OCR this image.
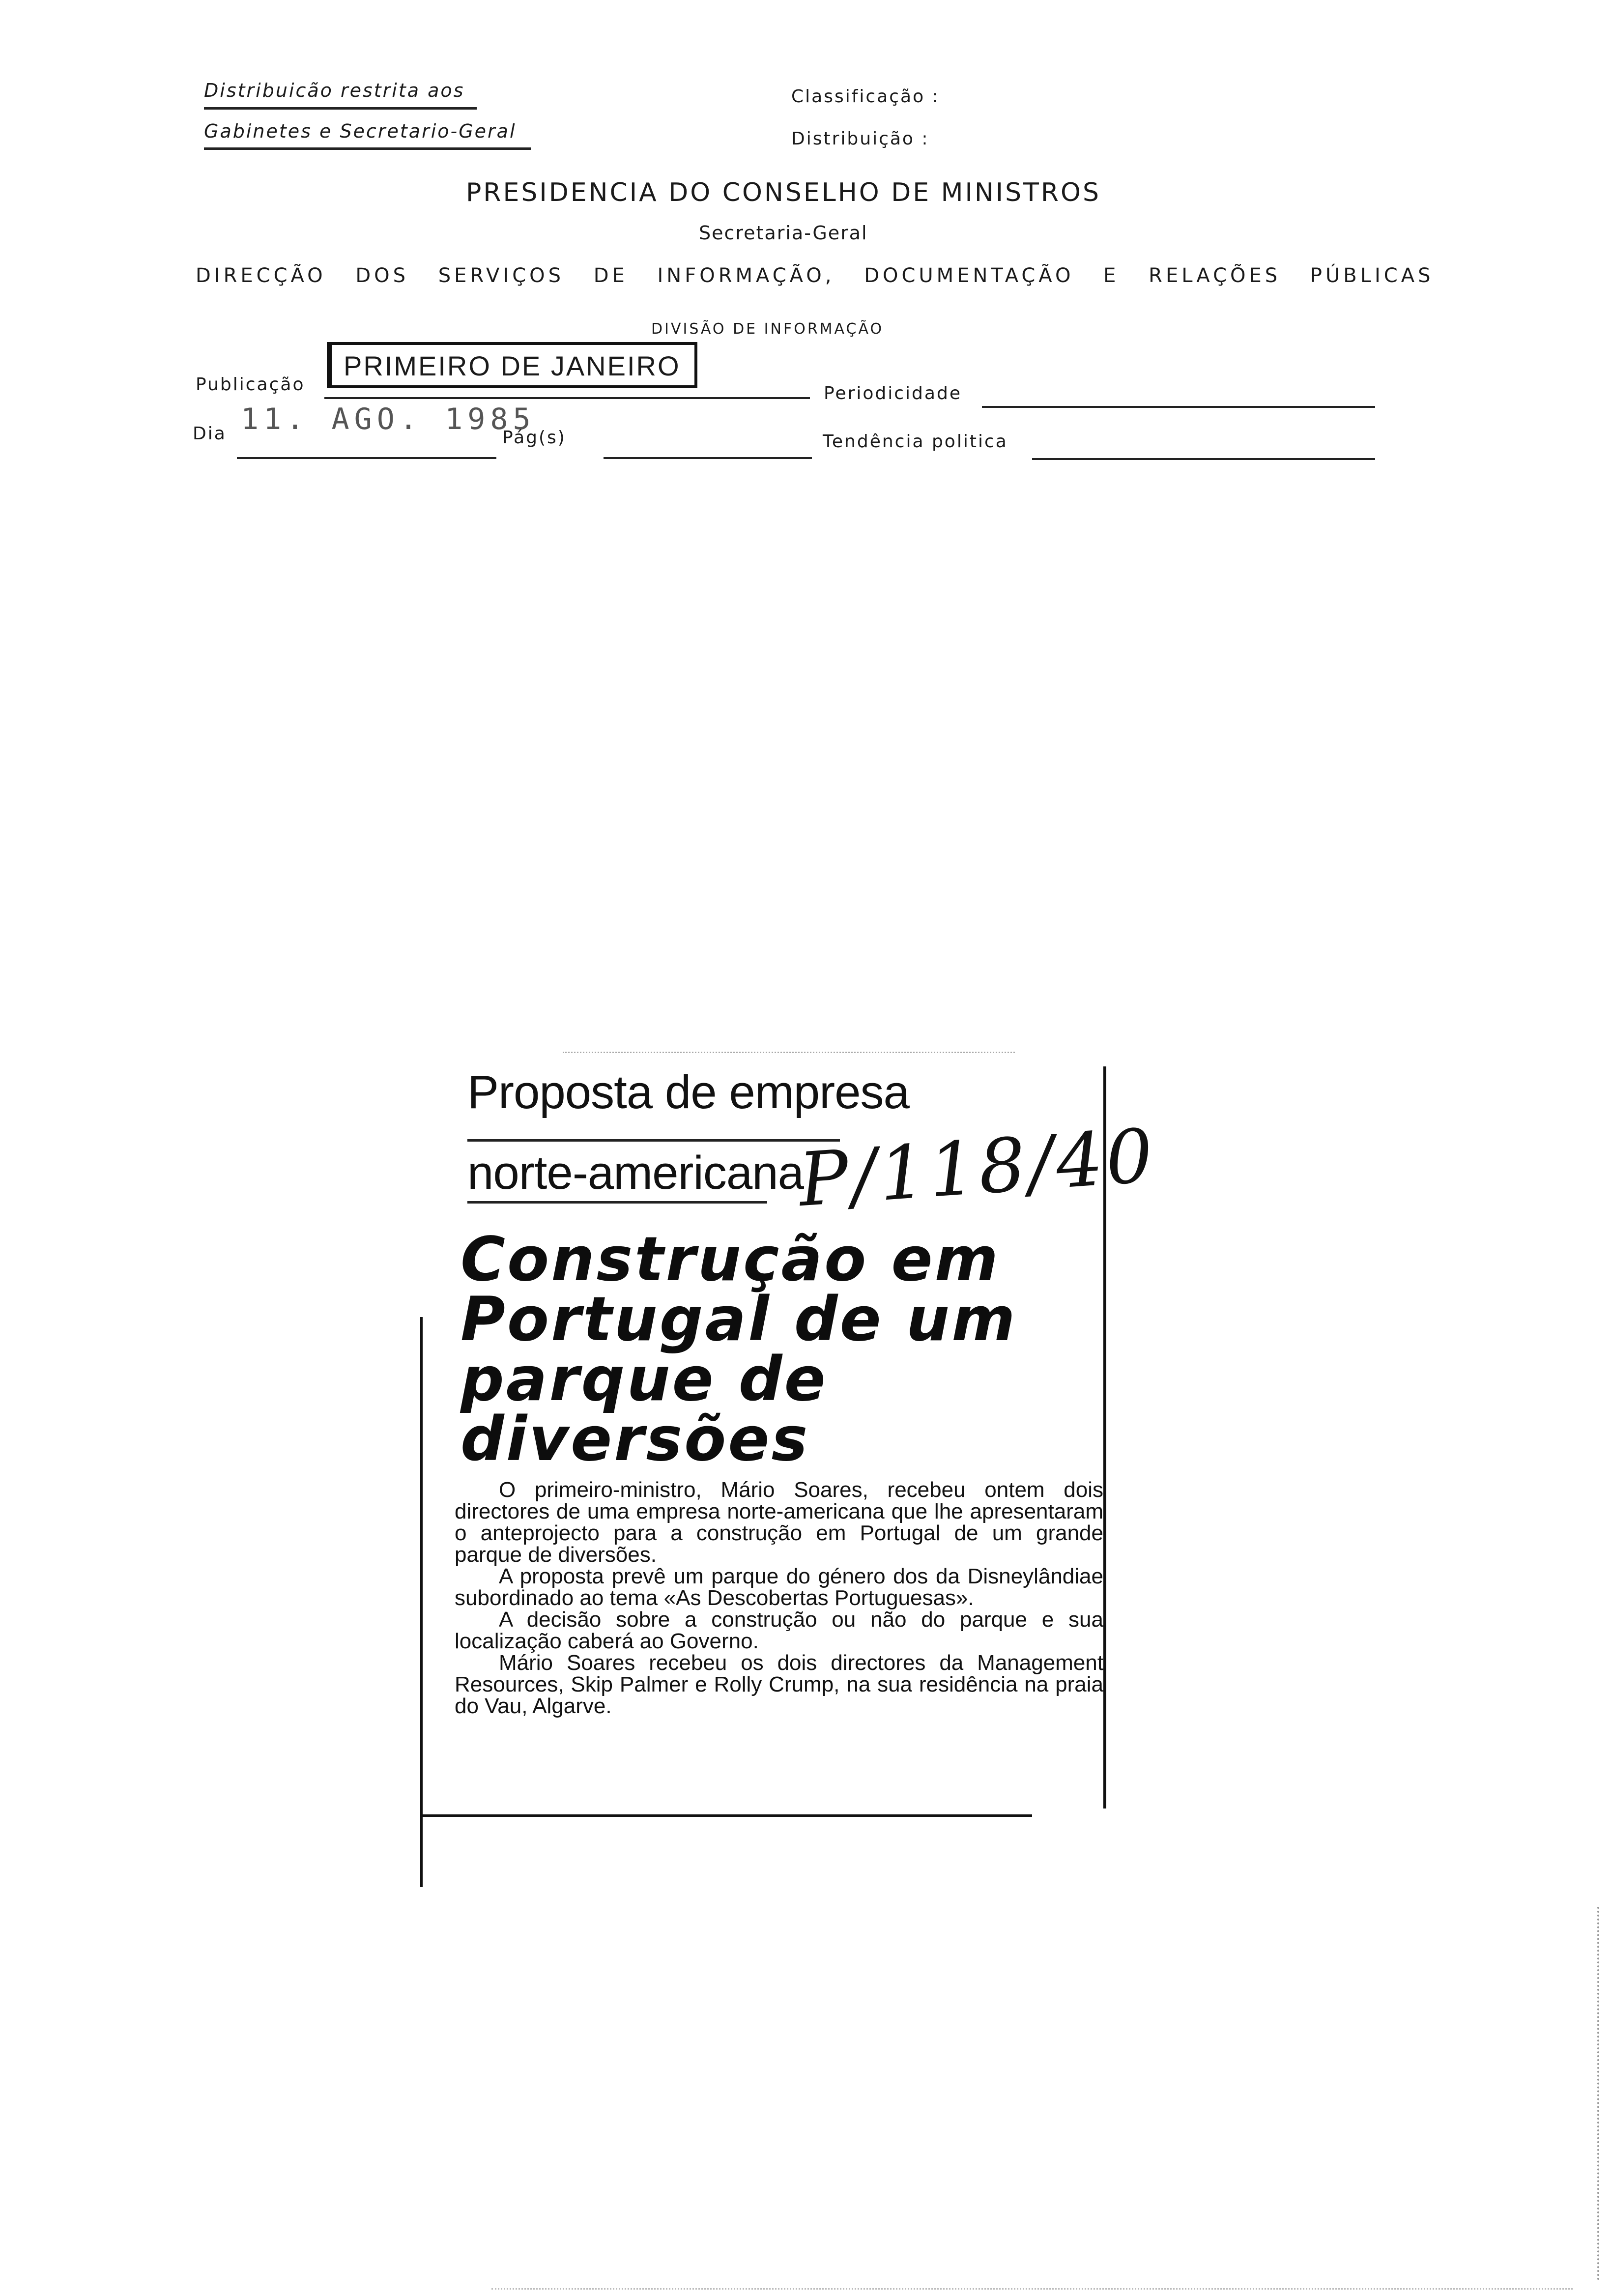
Distribuicão restrita aos
Gabinetes e Secretario-Geral
Classificação :
Distribuição :
PRESIDENCIA DO CONSELHO DE MINISTROS
Secretaria-Geral
DIRECÇÃO DOS SERVIÇOS DE INFORMAÇÃO, DOCUMENTAÇÃO E RELAÇÕES PÚBLICAS
DIVISÃO DE INFORMAÇÃO
Publicação
PRIMEIRO DE JANEIRO
Periodicidade
Dia 11. AGO. 1985
Pág(s)	Tendência politica
Proposta de empresa
norte-americana
P/118/40
Construção em Portugal de um parque de diversões

O primeiro-ministro, Mário Soares, recebeu ontem dois directores de uma empresa norte-americana que lhe apresentaram o anteprojecto para a construção em Portugal de um grande parque de diversões.

A proposta prevê um parque do género dos da Disneylândiae subordinado ao tema «As Descobertas Portuguesas».

A decisão sobre a construção ou não do parque e sua localização caberá ao Governo.

Mário Soares recebeu os dois directores da Management Resources, Skip Palmer e Rolly Crump, na sua residência na praia do Vau, Algarve.
